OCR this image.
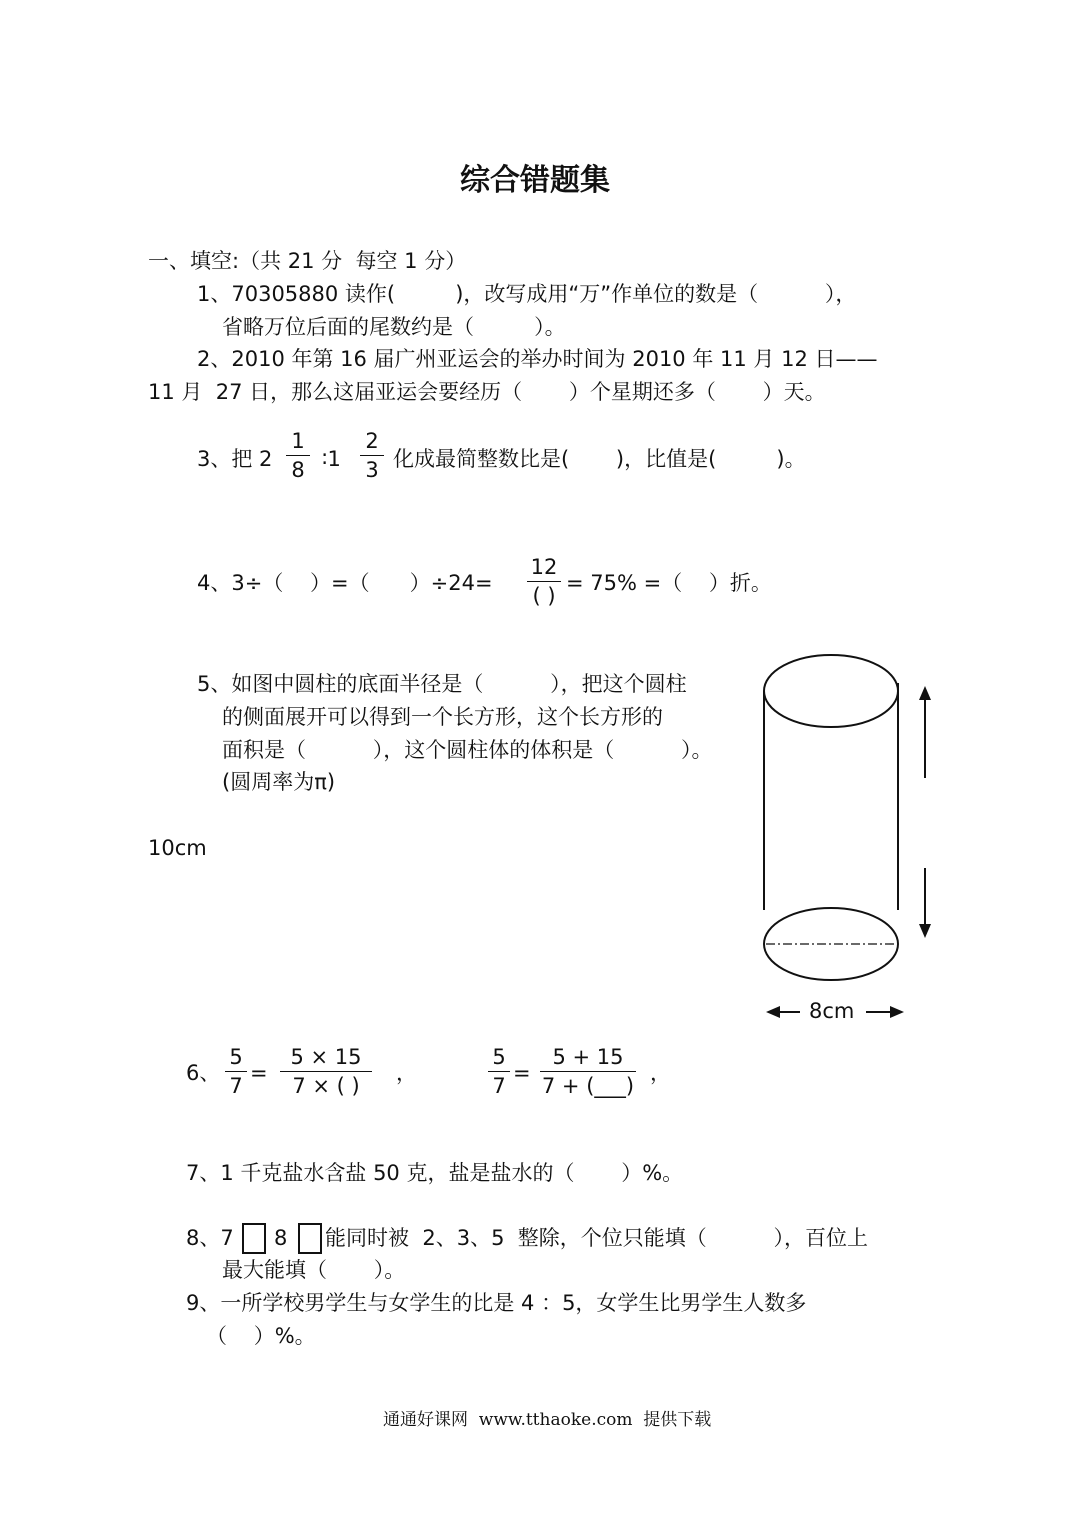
综合错题集
一、填空:（共 21 分  每空 1 分）
1、70305880 读作(         )，改写成用“万”作单位的数是（          ），
省略万位后面的尾数约是（         ）。
2、2010 年第 16 届广州亚运会的举办时间为 2010 年 11 月 12 日——
11 月  27 日，那么这届亚运会要经历（       ）个星期还多（       ）天。
3、把 $2 \frac{1}{8}$ ∶1 $\frac{2}{3}$ 化成最简整数比是(       )，比值是(         )。
4、3÷（    ）=（      ）÷24=
12
( )
= 75% =（    ）折。
5、如图中圆柱的底面半径是（          ），把这个圆柱
的侧面展开可以得到一个长方形，这个长方形的
面积是（          ），这个圆柱体的体积是（          ）。
(圆周率为π)
10cm
8cm
6、 $\frac{5}{7} = \frac{5 \times 15}{7 \times ( )}$ ，	$\frac{5}{7} = \frac{5 + 15}{7 + (\_\_\_)}$ ，
7、1 千克盐水含盐 50 克，盐是盐水的（       ）%。
8、7 8 能同时被  2、3、5  整除，个位只能填（          ），百位上
最大能填（       ）。
9、一所学校男学生与女学生的比是 4 ：5，女学生比男学生人数多
（    ）%。
通通好课网  www.tthaoke.com  提供下载
